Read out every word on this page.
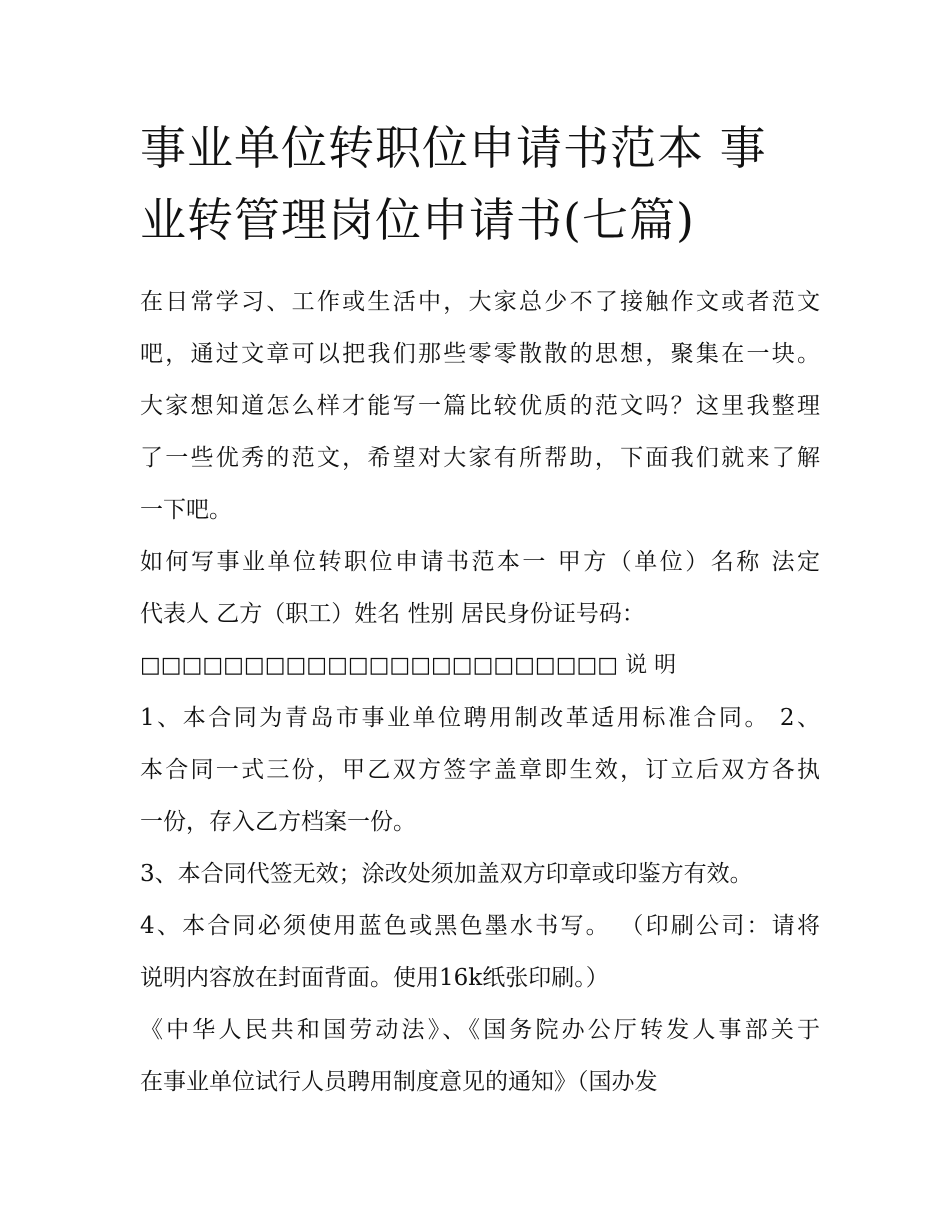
事业单位转职位申请书范本 事
业转管理岗位申请书(七篇)
在日常学习、工作或生活中，大家总少不了接触作文或者范文
吧，通过文章可以把我们那些零零散散的思想，聚集在一块。
大家想知道怎么样才能写一篇比较优质的范文吗？这里我整理
了一些优秀的范文，希望对大家有所帮助，下面我们就来了解
一下吧。
如何写事业单位转职位申请书范本一 甲方（单位）名称 法定
代表人 乙方（职工）姓名 性别 居民身份证号码：
□□□□□□□□□□□□□□□□□□□□□□□ 说 明
1、本合同为青岛市事业单位聘用制改革适用标准合同。 2、
本合同一式三份，甲乙双方签字盖章即生效，订立后双方各执
一份，存入乙方档案一份。
3、本合同代签无效；涂改处须加盖双方印章或印鉴方有效。
4、本合同必须使用蓝色或黑色墨水书写。 （印刷公司：请将
说明内容放在封面背面。使用16k纸张印刷。）
《中华人民共和国劳动法》、《国务院办公厅转发人事部关于
在事业单位试行人员聘用制度意见的通知》（国办发
